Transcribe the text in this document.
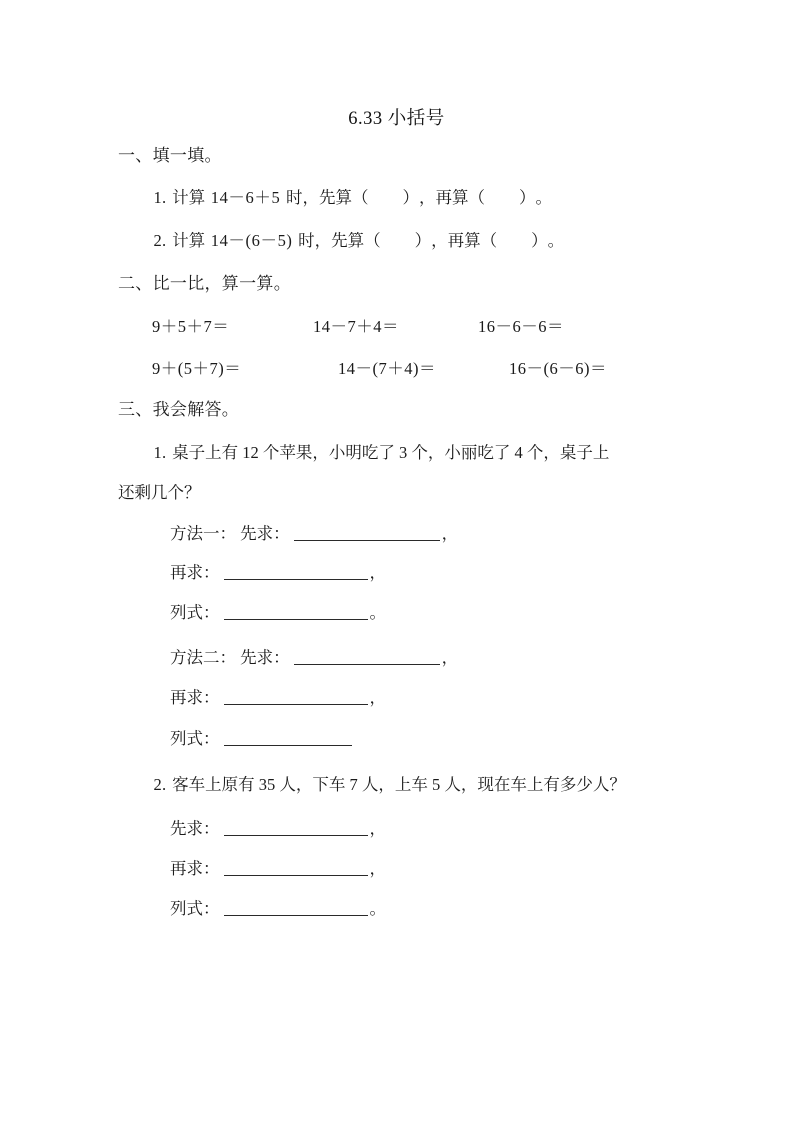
6.33 小括号
一、填一填。
1. 计算 14－6＋5 时，先算 （  ）	，再算 （  ）	。
2. 计算 14－(6－5) 时，先算 （  ）	，再算 （  ）	。
二、比一比，算一算。
9＋5＋7＝	14－7＋4＝	16－6－6＝
9＋(5＋7)＝	14－(7＋4)＝	16－(6－6)＝
三、我会解答。
1. 桌子上有 12 个苹果，小明吃了 3 个，小丽吃了 4 个，桌子上
还剩几个？
方法一： 先求：	，
再求：	，
列式：	。
方法二： 先求：	，
再求：	，
列式：
2. 客车上原有 35 人，下车 7 人，上车 5 人，现在车上有多少人？
先求：	，
再求：	，
列式：	。
